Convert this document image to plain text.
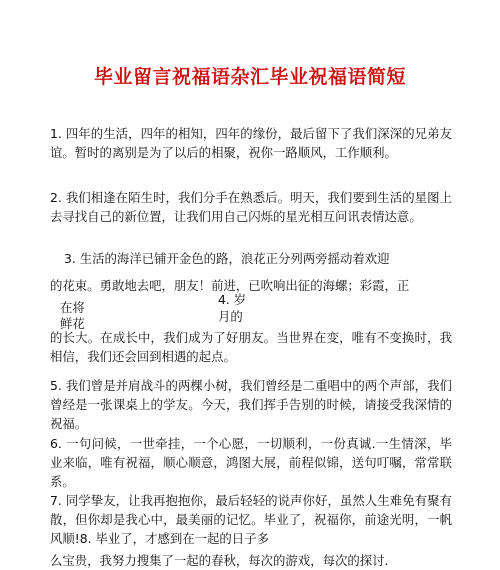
毕业留言祝福语杂汇毕业祝福语简短

1. 四年的生活，四年的相知，四年的缘份，最后留下了我们深深的兄弟友谊。暂时的离别是为了以后的相聚，祝你一路顺风，工作顺利。

2. 我们相逢在陌生时，我们分手在熟悉后。明天，我们要到生活的星图上去寻找自己的新位置，让我们用自己闪烁的星光相互问讯表情达意。

3. 生活的海洋已铺开金色的路，浪花正分列两旁摇动着欢迎
的花束。勇敢地去吧，朋友！前进，已吹响出征的海螺；彩霞，正
在将
鲜花
4. 岁
月的

的长大。在成长中，我们成为了好朋友。当世界在变，唯有不变换时，我相信，我们还会回到相遇的起点。

5. 我们曾是并肩战斗的两棵小树，我们曾经是二重唱中的两个声部，我们曾经是一张课桌上的学友。今天，我们挥手告别的时候，请接受我深情的祝福。

6. 一句问候，一世牵挂，一个心愿，一切顺利，一份真诚.一生情深，毕业来临，唯有祝福，顺心顺意，鸿图大展，前程似锦，送句叮嘱，常常联系。

7. 同学挚友，让我再抱抱你，最后轻轻的说声你好，虽然人生难免有聚有散，但你却是我心中，最美丽的记忆。毕业了，祝福你，前途光明，一帆风顺!8. 毕业了，才感到在一起的日子多

么宝贵，我努力搜集了一起的春秋，每次的游戏，每次的探讨.
